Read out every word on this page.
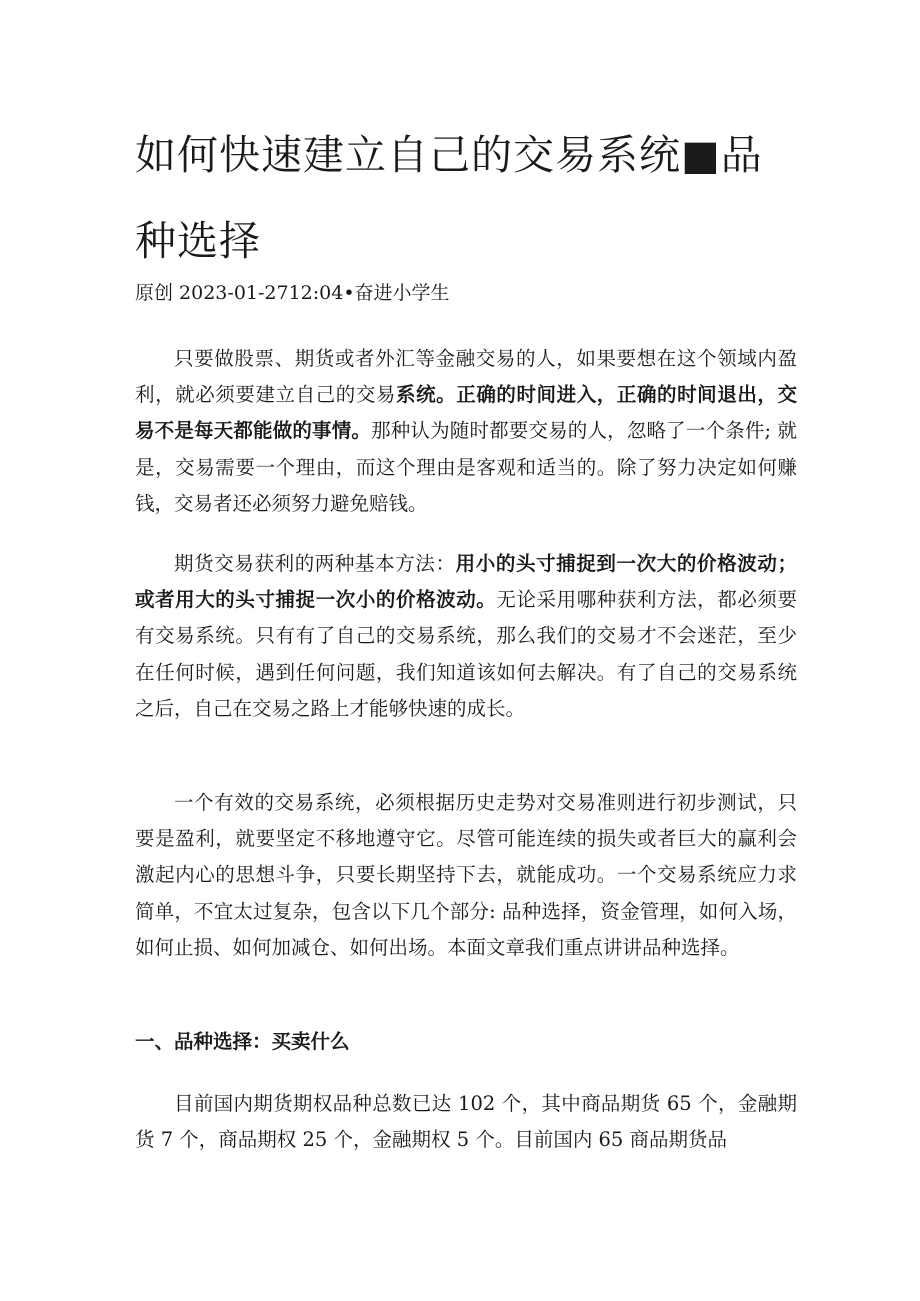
如何快速建立自己的交易系统■品种选择
原创 2023-01-2712:04•奋进小学生

只要做股票、期货或者外汇等金融交易的人，如果要想在这个领域内盈利，就必须要建立自己的交易系统。正确的时间进入，正确的时间退出，交易不是每天都能做的事情。那种认为随时都要交易的人，忽略了一个条件; 就是，交易需要一个理由，而这个理由是客观和适当的。除了努力决定如何赚钱，交易者还必须努力避免赔钱。

期货交易获利的两种基本方法：用小的头寸捕捉到一次大的价格波动；或者用大的头寸捕捉一次小的价格波动。无论采用哪种获利方法，都必须要有交易系统。只有有了自己的交易系统，那么我们的交易才不会迷茫，至少在任何时候，遇到任何问题，我们知道该如何去解决。有了自己的交易系统之后，自己在交易之路上才能够快速的成长。

一个有效的交易系统，必须根据历史走势对交易准则进行初步测试，只要是盈利，就要坚定不移地遵守它。尽管可能连续的损失或者巨大的赢利会激起内心的思想斗争，只要长期坚持下去，就能成功。一个交易系统应力求简单，不宜太过复杂，包含以下几个部分: 品种选择，资金管理，如何入场，如何止损、如何加减仓、如何出场。本面文章我们重点讲讲品种选择。

一、品种选择：买卖什么

目前国内期货期权品种总数已达 102 个，其中商品期货 65 个，金融期货 7 个，商品期权 25 个，金融期权 5 个。目前国内 65 商品期货品
